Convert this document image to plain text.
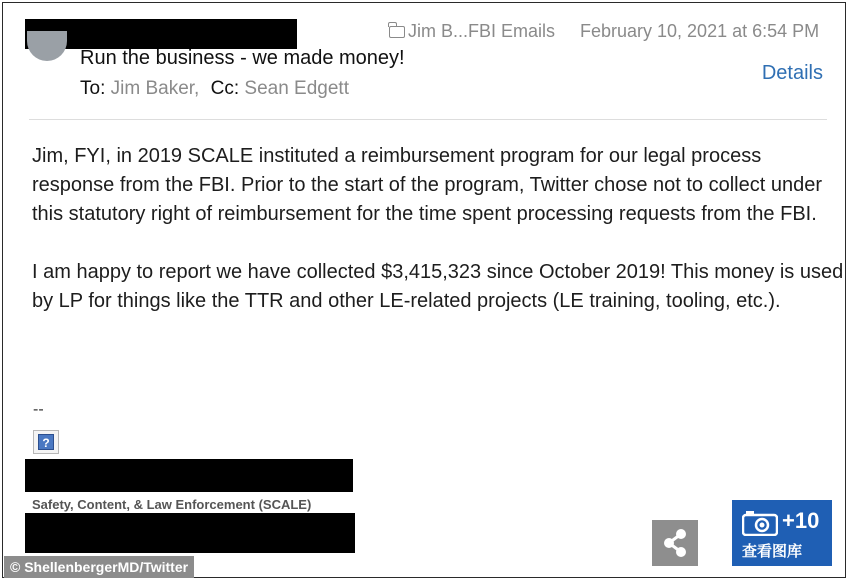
Jim B...FBI Emails February 10, 2021 at 6:54 PM
Run the business - we made money!
To: Jim Baker, Cc: Sean Edgett
Details

Jim, FYI, in 2019 SCALE instituted a reimbursement program for our legal process response from the FBI. Prior to the start of the program, Twitter chose not to collect under this statutory right of reimbursement for the time spent processing requests from the FBI.

I am happy to report we have collected $3,415,323 since October 2019! This money is used by LP for things like the TTR and other LE-related projects (LE training, tooling, etc.).

--
?
Safety, Content, & Law Enforcement (SCALE)
© ShellenbergerMD/Twitter
+10
查看图库
